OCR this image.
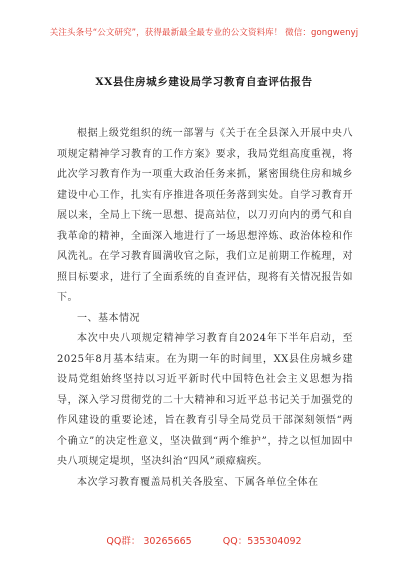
关注头条号“公文研究”，获得最新最全最专业的公文资料库！ 微信：gongwenyj
XX县住房城乡建设局学习教育自查评估报告

根据上级党组织的统一部署与《关于在全县深入开展中央八项规定精神学习教育的工作方案》要求，我局党组高度重视，将此次学习教育作为一项重大政治任务来抓，紧密围绕住房和城乡建设中心工作，扎实有序推进各项任务落到实处。自学习教育开展以来，全局上下统一思想、提高站位，以刀刃向内的勇气和自我革命的精神，全面深入地进行了一场思想淬炼、政治体检和作风洗礼。在学习教育圆满收官之际，我们立足前期工作梳理，对照目标要求，进行了全面系统的自查评估，现将有关情况报告如下。

一、基本情况

本次中央八项规定精神学习教育自2024年下半年启动，至2025年8月基本结束。在为期一年的时间里，XX县住房城乡建设局党组始终坚持以习近平新时代中国特色社会主义思想为指导，深入学习贯彻党的二十大精神和习近平总书记关于加强党的作风建设的重要论述，旨在教育引导全局党员干部深刻领悟“两个确立”的决定性意义，坚决做到“两个维护”，持之以恒加固中央八项规定堤坝，坚决纠治“四风”顽瘴痼疾。

本次学习教育覆盖局机关各股室、下属各单位全体在

QQ群： 30265665	QQ：535304092
